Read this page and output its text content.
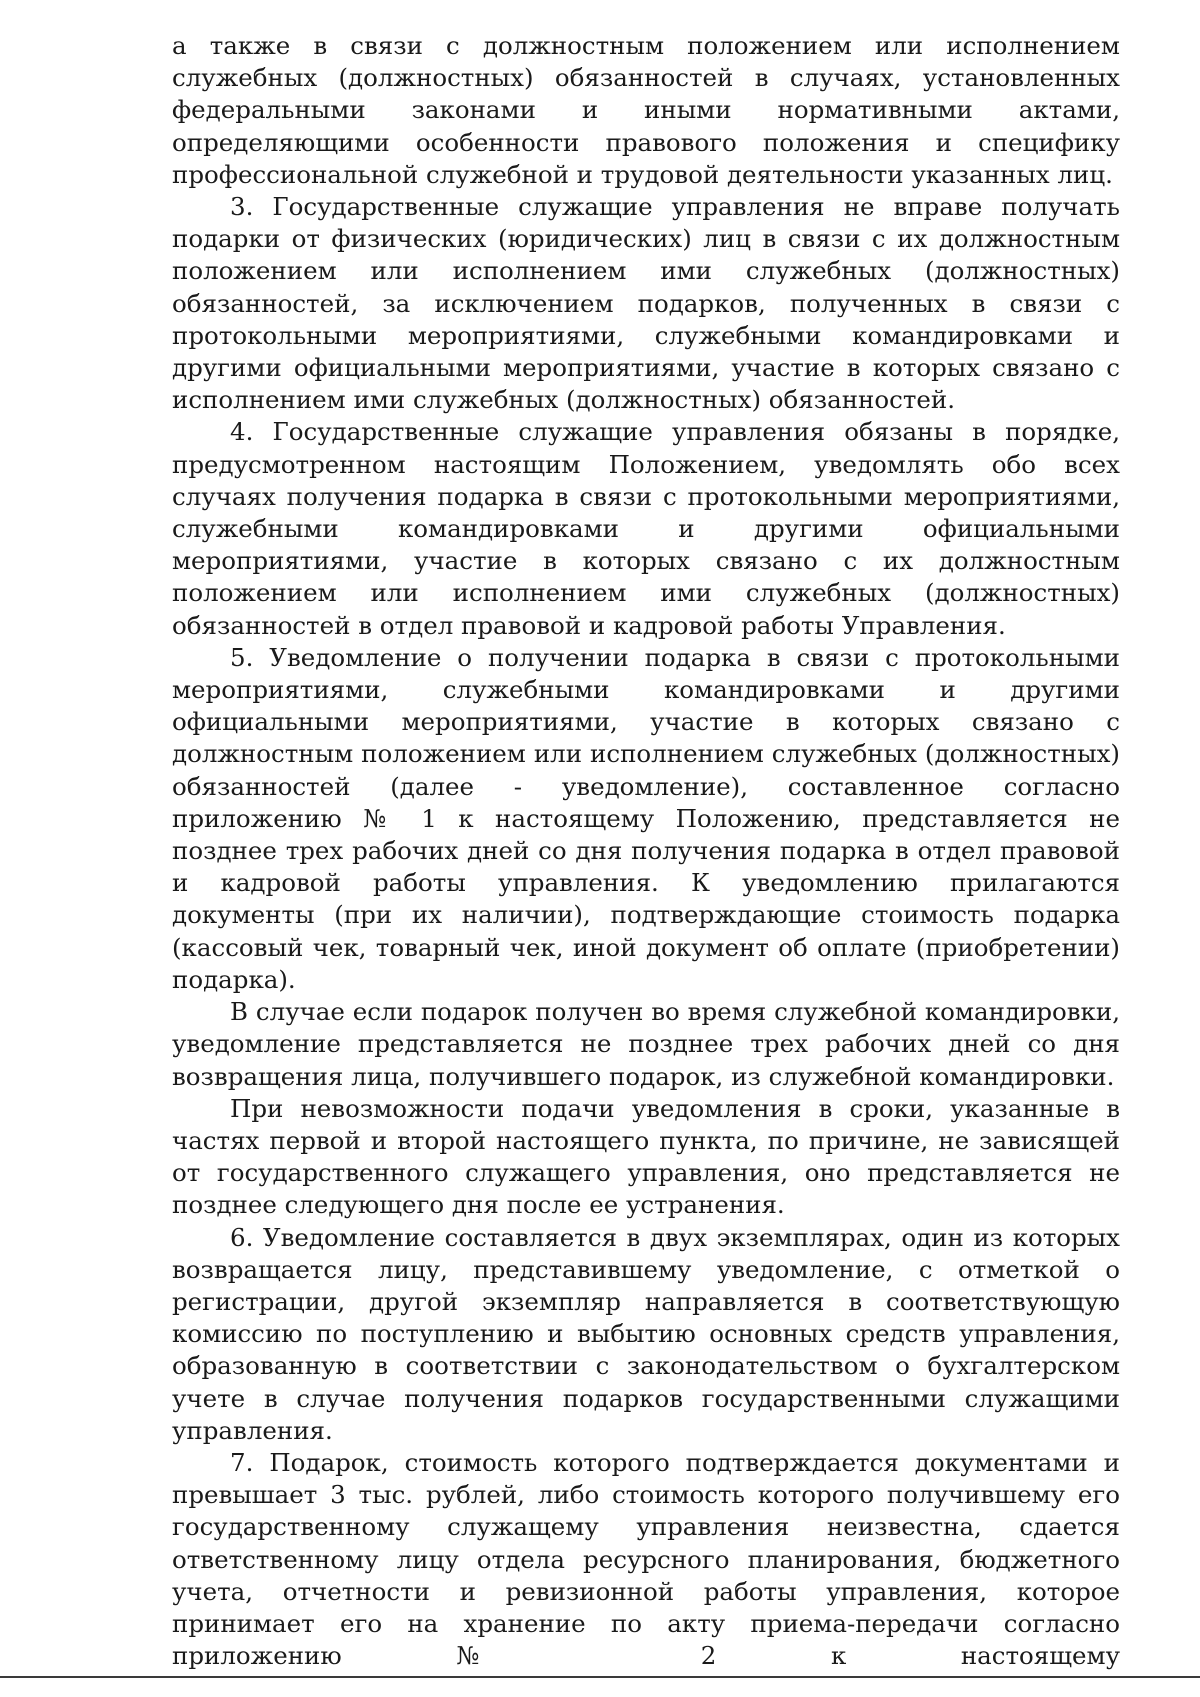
а также в связи с должностным положением или исполнением служебных (должностных) обязанностей в случаях, установленных федеральными законами и иными нормативными актами, определяющими особенности правового положения и специфику профессиональной служебной и трудовой деятельности указанных лиц.

3. Государственные служащие управления не вправе получать подарки от физических (юридических) лиц в связи с их должностным положением или исполнением ими служебных (должностных) обязанностей, за исключением подарков, полученных в связи с протокольными мероприятиями, служебными командировками и другими официальными мероприятиями, участие в которых связано с исполнением ими служебных (должностных) обязанностей.

4. Государственные служащие управления обязаны в порядке, предусмотренном настоящим Положением, уведомлять обо всех случаях получения подарка в связи с протокольными мероприятиями, служебными командировками и другими официальными мероприятиями, участие в которых связано с их должностным положением или исполнением ими служебных (должностных) обязанностей в отдел правовой и кадровой работы Управления.

5. Уведомление о получении подарка в связи с протокольными мероприятиями, служебными командировками и другими официальными мероприятиями, участие в которых связано с должностным положением или исполнением служебных (должностных) обязанностей (далее - уведомление), составленное согласно приложению № 1 к настоящему Положению, представляется не позднее трех рабочих дней со дня получения подарка в отдел правовой и кадровой работы управления. К уведомлению прилагаются документы (при их наличии), подтверждающие стоимость подарка (кассовый чек, товарный чек, иной документ об оплате (приобретении) подарка).

В случае если подарок получен во время служебной командировки, уведомление представляется не позднее трех рабочих дней со дня возвращения лица, получившего подарок, из служебной командировки.

При невозможности подачи уведомления в сроки, указанные в частях первой и второй настоящего пункта, по причине, не зависящей от государственного служащего управления, оно представляется не позднее следующего дня после ее устранения.

6. Уведомление составляется в двух экземплярах, один из которых возвращается лицу, представившему уведомление, с отметкой о регистрации, другой экземпляр направляется в соответствующую комиссию по поступлению и выбытию основных средств управления, образованную в соответствии с законодательством о бухгалтерском учете в случае получения подарков государственными служащими управления.

7. Подарок, стоимость которого подтверждается документами и превышает 3 тыс. рублей, либо стоимость которого получившему его государственному служащему управления неизвестна, сдается ответственному лицу отдела ресурсного планирования, бюджетного учета, отчетности и ревизионной работы управления, которое принимает его на хранение по акту приема-передачи согласно приложению № 2 к настоящему
